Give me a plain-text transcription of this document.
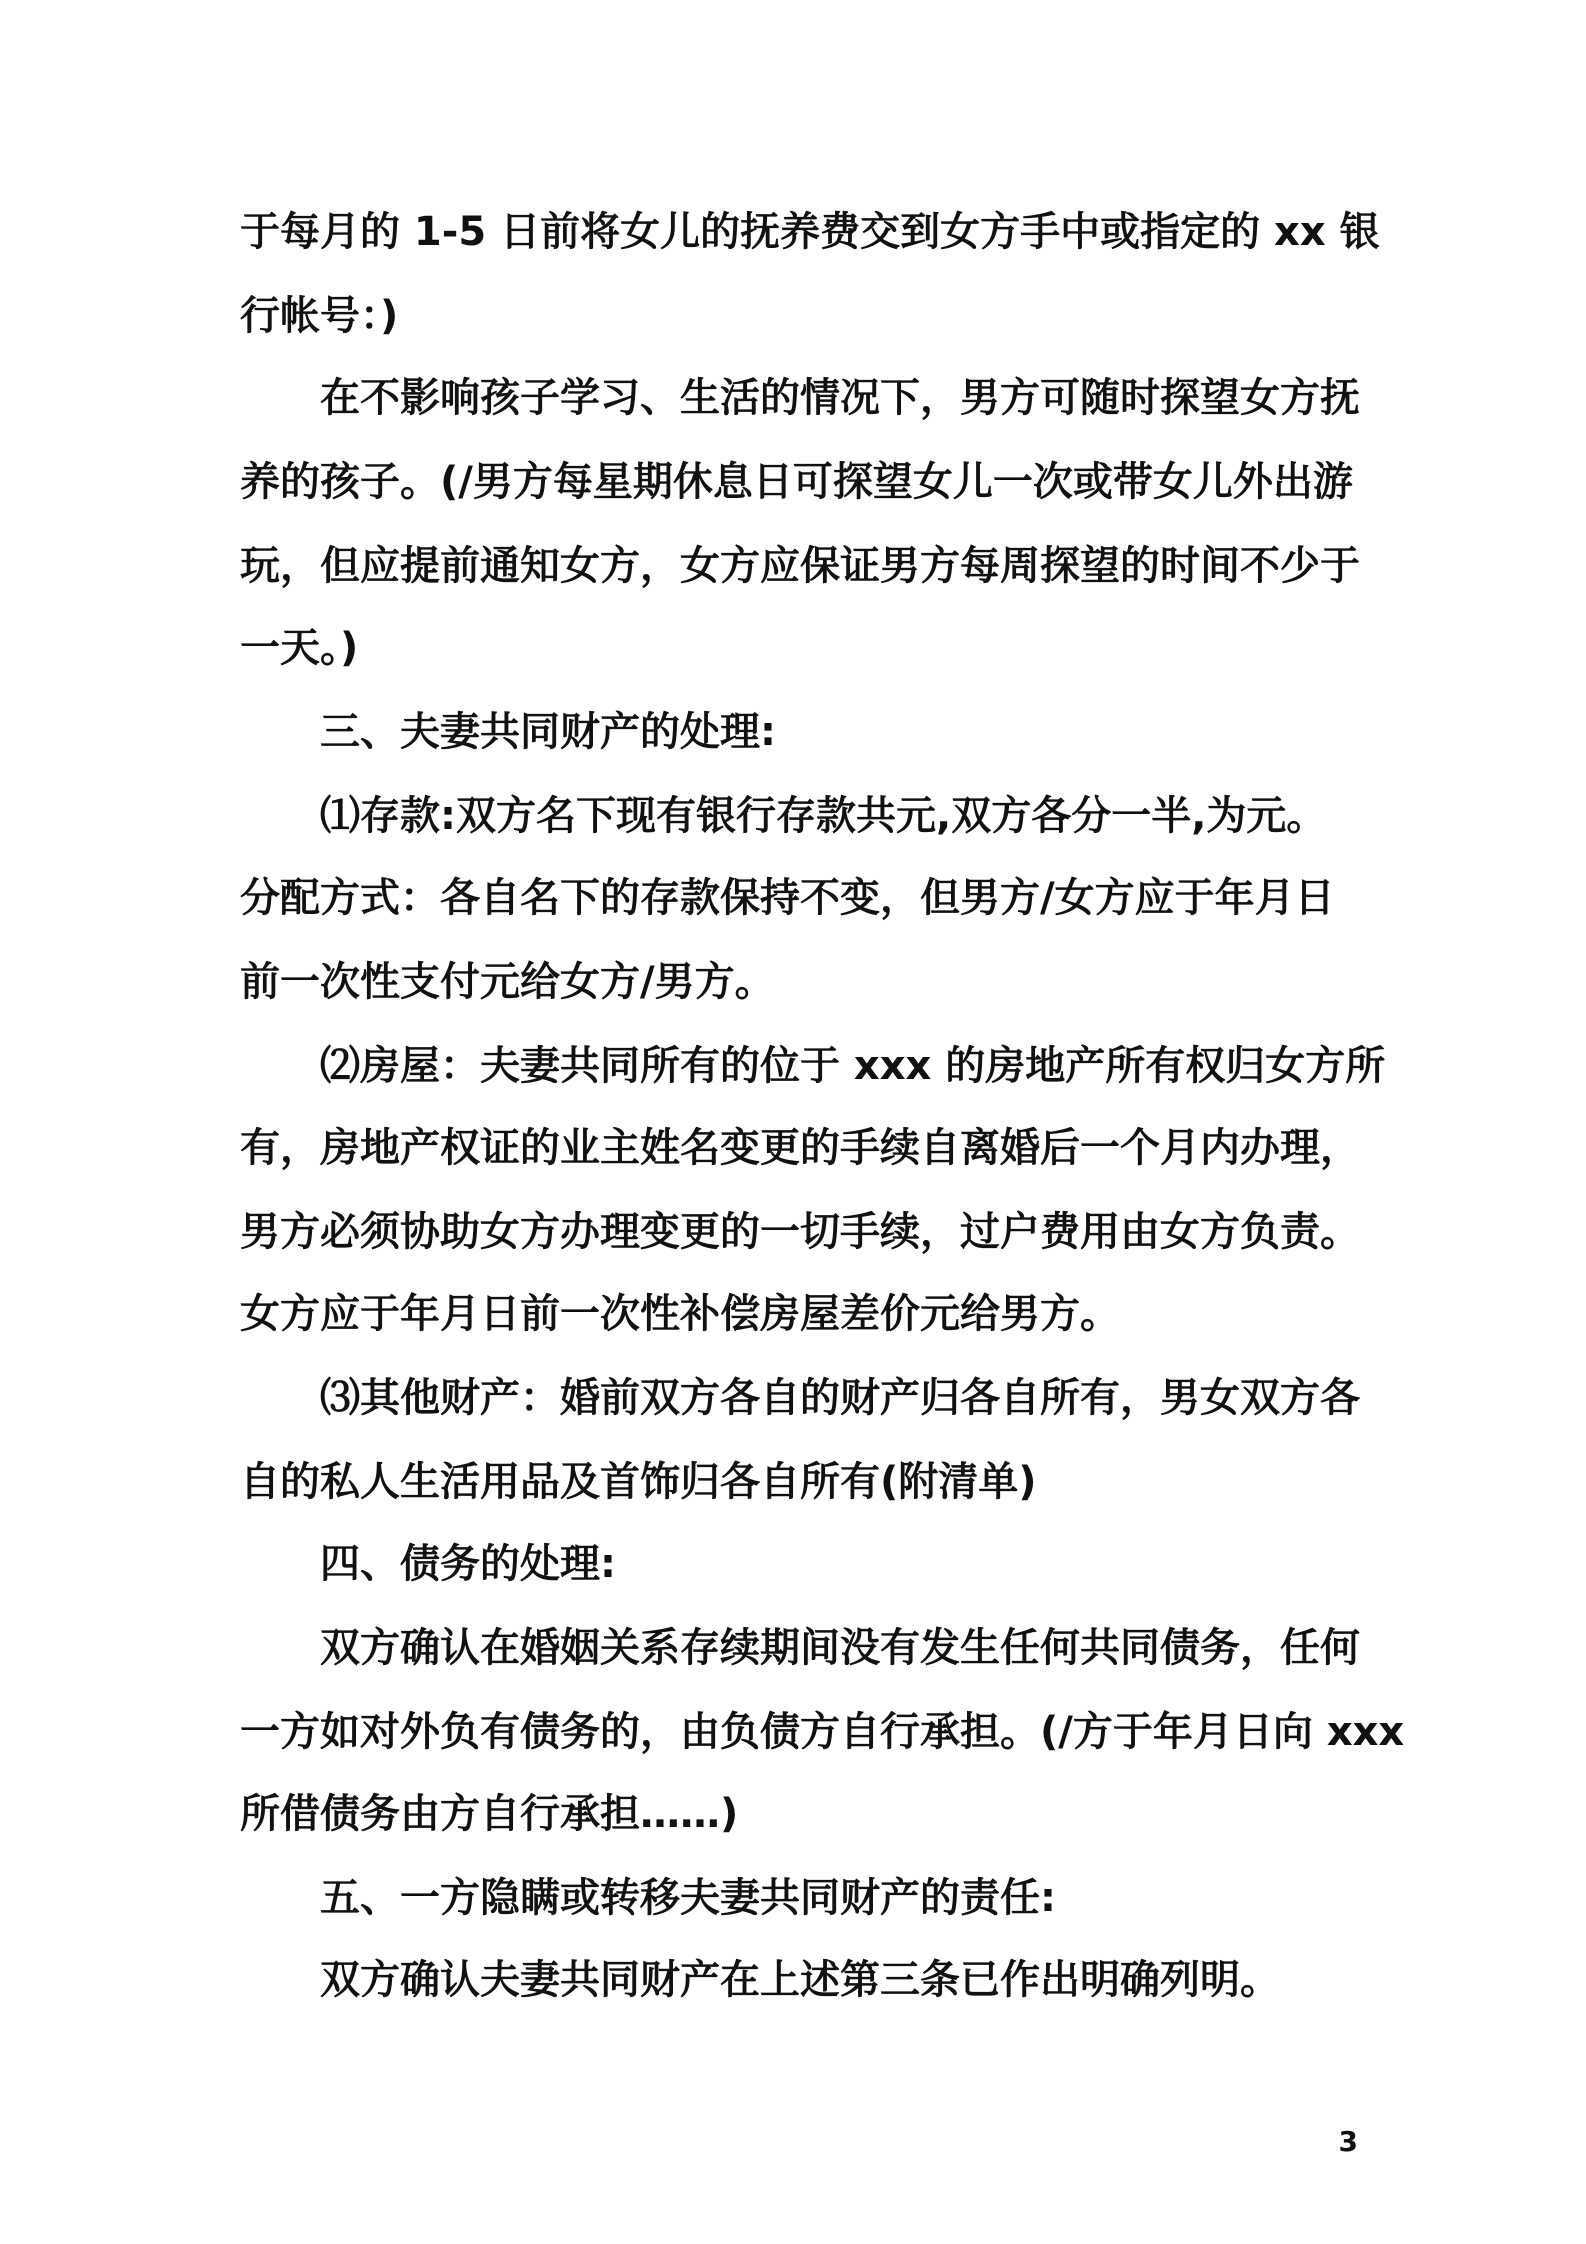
于每月的 1-5 日前将女儿的抚养费交到女方手中或指定的 xx 银
行帐号：)
在不影响孩子学习、生活的情况下，男方可随时探望女方抚
养的孩子。(/男方每星期休息日可探望女儿一次或带女儿外出游
玩，但应提前通知女方，女方应保证男方每周探望的时间不少于
一天。)
三、夫妻共同财产的处理:
⑴存款:双方名下现有银行存款共元,双方各分一半,为元。
分配方式：各自名下的存款保持不变，但男方/女方应于年月日
前一次性支付元给女方/男方。
⑵房屋：夫妻共同所有的位于 xxx 的房地产所有权归女方所
有，房地产权证的业主姓名变更的手续自离婚后一个月内办理，
男方必须协助女方办理变更的一切手续，过户费用由女方负责。
女方应于年月日前一次性补偿房屋差价元给男方。
⑶其他财产：婚前双方各自的财产归各自所有，男女双方各
自的私人生活用品及首饰归各自所有(附清单)
四、债务的处理:
双方确认在婚姻关系存续期间没有发生任何共同债务，任何
一方如对外负有债务的，由负债方自行承担。(/方于年月日向 xxx
所借债务由方自行承担……)
五、一方隐瞒或转移夫妻共同财产的责任:
双方确认夫妻共同财产在上述第三条已作出明确列明。
3
